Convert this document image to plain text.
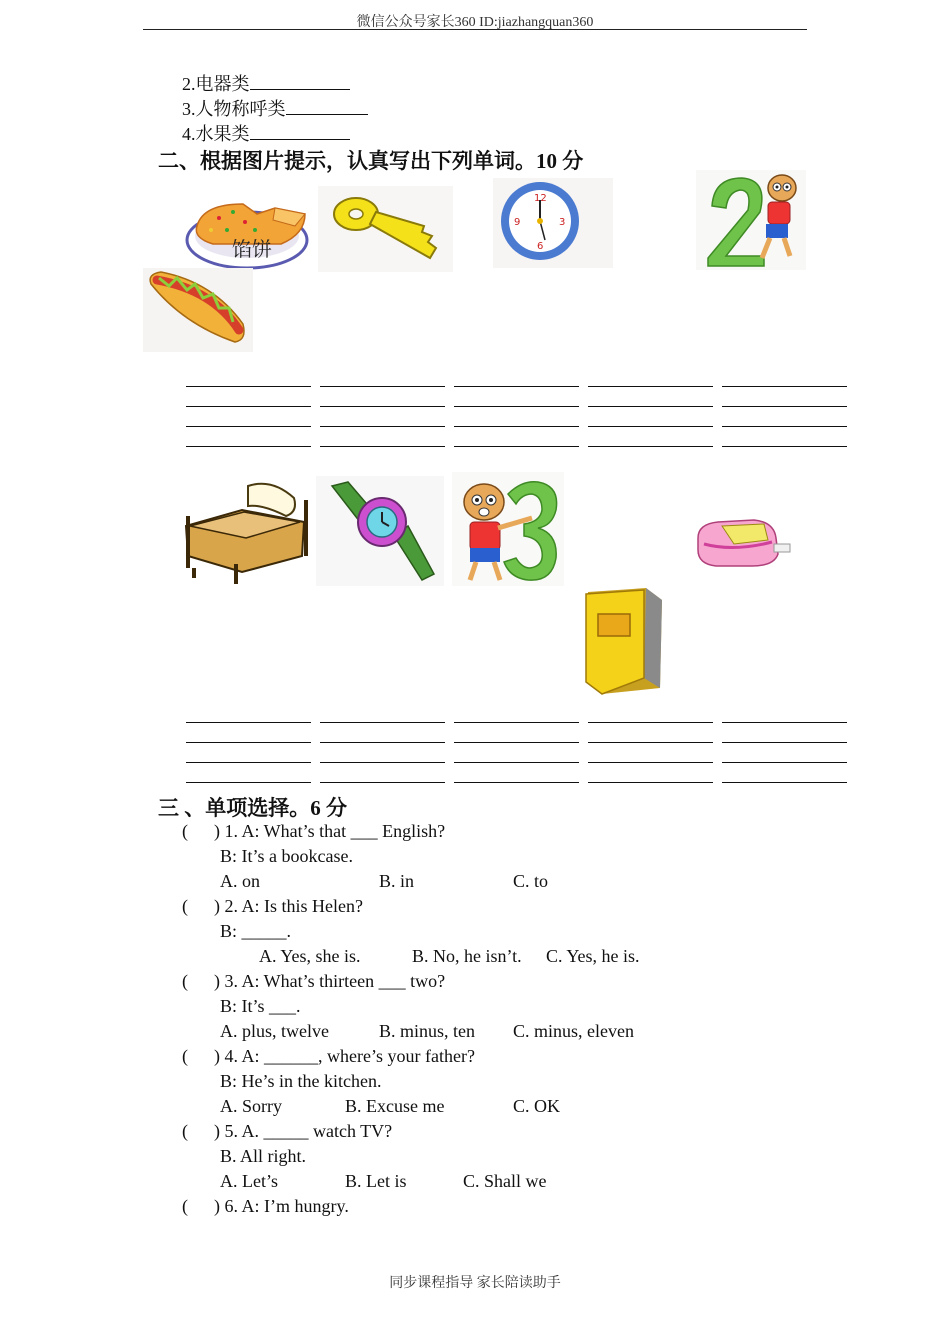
微信公众号家长360 ID:jiazhangquan360
2.电器类
3.人物称呼类
4.水果类
二、根据图片提示，认真写出下列单词。10 分
馅饼
12
3
6
9
三 、单项选择。6 分
( ) 1. A: What’s that ___ English?
B: It’s a bookcase.
A. on	B. in	C. to
( ) 2. A: Is this Helen?
B: _____.
A. Yes, she is.	B. No, he isn’t. C. Yes, he is.
( ) 3. A: What’s thirteen ___ two?
B: It’s ___.
A. plus, twelve	B. minus, ten C. minus, eleven
( ) 4. A: ______, where’s your father?
B: He’s in the kitchen.
A. Sorry	B. Excuse me	C. OK
( ) 5. A. _____ watch TV?
B. All right.
A. Let’s	B. Let is	C. Shall we
( ) 6. A: I’m hungry.
同步课程指导 家长陪读助手
